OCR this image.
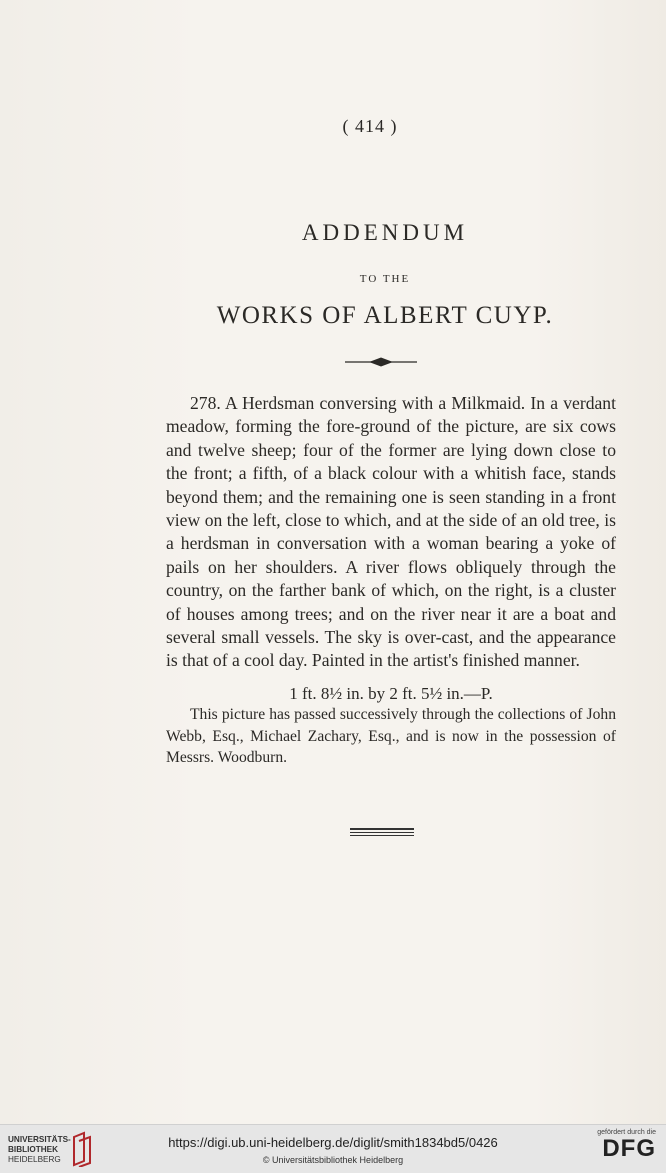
( 414 )
ADDENDUM
TO THE
WORKS OF ALBERT CUYP.

278. A Herdsman conversing with a Milkmaid. In a verdant meadow, forming the fore-ground of the picture, are six cows and twelve sheep; four of the former are lying down close to the front; a fifth, of a black colour with a whitish face, stands beyond them; and the remaining one is seen standing in a front view on the left, close to which, and at the side of an old tree, is a herdsman in conversation with a woman bearing a yoke of pails on her shoulders. A river flows obliquely through the country, on the farther bank of which, on the right, is a cluster of houses among trees; and on the river near it are a boat and several small vessels. The sky is over-cast, and the appearance is that of a cool day. Painted in the artist's finished manner.

1 ft. 8½ in. by 2 ft. 5½ in.—P.

This picture has passed successively through the collections of John Webb, Esq., Michael Zachary, Esq., and is now in the possession of Messrs. Woodburn.

UNIVERSITÄTS-
BIBLIOTHEK
HEIDELBERG
https://digi.ub.uni-heidelberg.de/diglit/smith1834bd5/0426
© Universitätsbibliothek Heidelberg
gefördert durch die
DFG
